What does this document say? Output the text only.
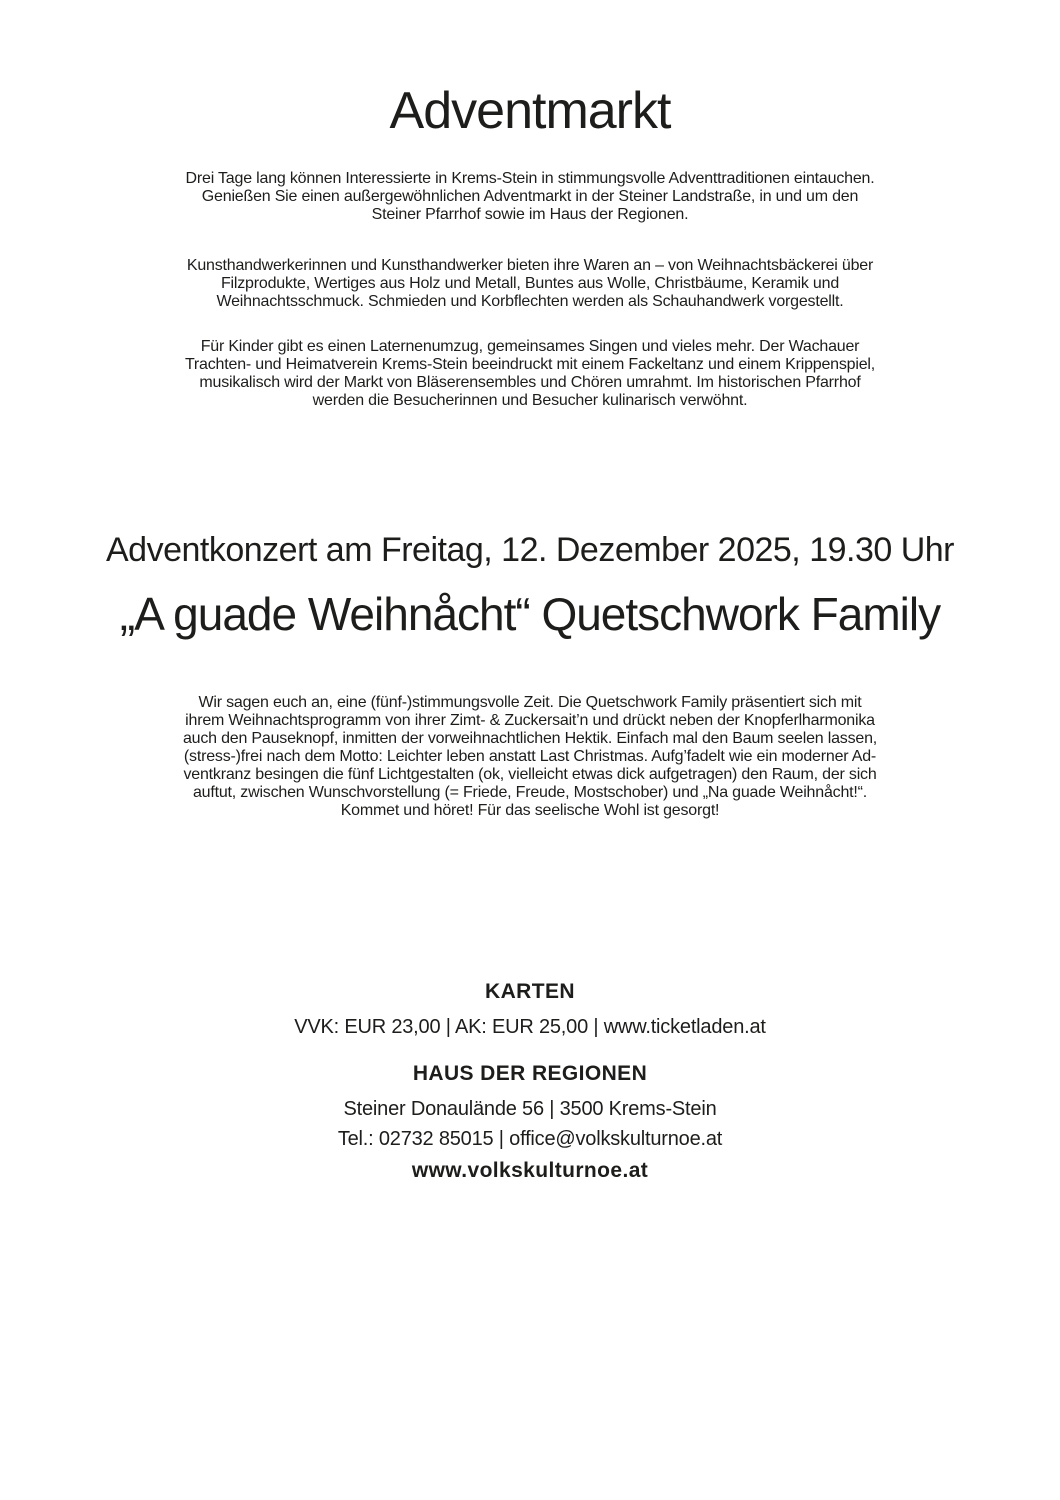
Adventmarkt

Drei Tage lang können Interessierte in Krems-Stein in stimmungsvolle Adventtraditionen eintauchen.
Genießen Sie einen außergewöhnlichen Adventmarkt in der Steiner Landstraße, in und um den
Steiner Pfarrhof sowie im Haus der Regionen.

Kunsthandwerkerinnen und Kunsthandwerker bieten ihre Waren an – von Weihnachtsbäckerei über
Filzprodukte, Wertiges aus Holz und Metall, Buntes aus Wolle, Christbäume, Keramik und
Weihnachtsschmuck. Schmieden und Korbflechten werden als Schauhandwerk vorgestellt.

Für Kinder gibt es einen Laternenumzug, gemeinsames Singen und vieles mehr. Der Wachauer
Trachten- und Heimatverein Krems-Stein beeindruckt mit einem Fackeltanz und einem Krippenspiel,
musikalisch wird der Markt von Bläserensembles und Chören umrahmt. Im historischen Pfarrhof
werden die Besucherinnen und Besucher kulinarisch verwöhnt.

Adventkonzert am Freitag, 12. Dezember 2025, 19.30 Uhr
„A guade Weihnåcht“ Quetschwork Family

Wir sagen euch an, eine (fünf-)stimmungsvolle Zeit. Die Quetschwork Family präsentiert sich mit
ihrem Weihnachtsprogramm von ihrer Zimt- & Zuckersait’n und drückt neben der Knopferlharmonika
auch den Pauseknopf, inmitten der vorweihnachtlichen Hektik. Einfach mal den Baum seelen lassen,
(stress-)frei nach dem Motto: Leichter leben anstatt Last Christmas. Aufg’fadelt wie ein moderner Ad-
ventkranz besingen die fünf Lichtgestalten (ok, vielleicht etwas dick aufgetragen) den Raum, der sich
auftut, zwischen Wunschvorstellung (= Friede, Freude, Mostschober) und „Na guade Weihnåcht!“.
Kommet und höret! Für das seelische Wohl ist gesorgt!

KARTEN
VVK: EUR 23,00 | AK: EUR 25,00 | www.ticketladen.at
HAUS DER REGIONEN
Steiner Donaulände 56 | 3500 Krems-Stein
Tel.: 02732 85015 | office@volkskulturnoe.at
www.volkskulturnoe.at
